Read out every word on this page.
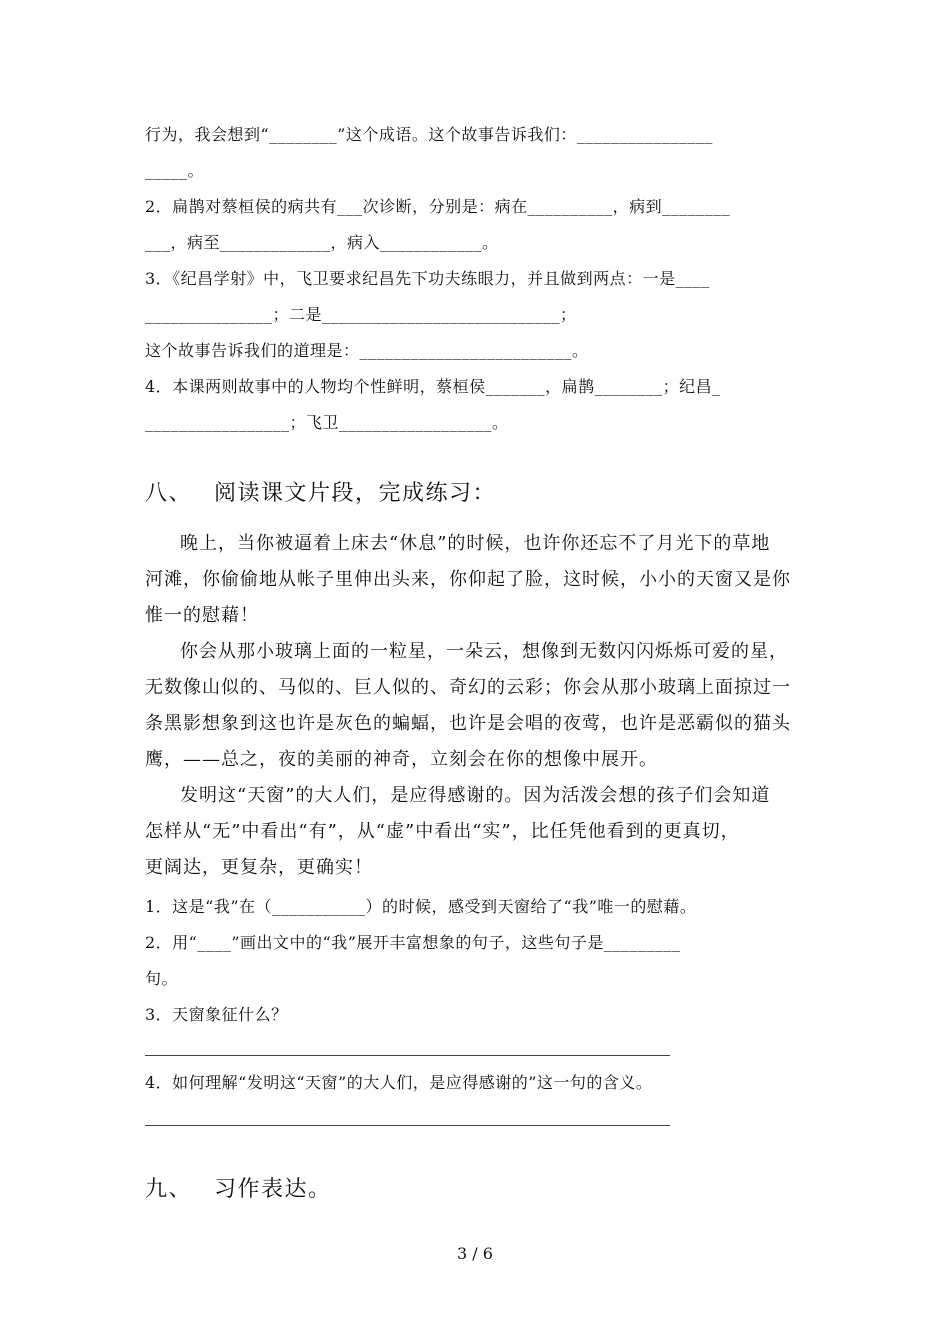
行为，我会想到“________”这个成语。这个故事告诉我们：________________
_____。
2．扁鹊对蔡桓侯的病共有___次诊断，分别是：病在__________，病到________
___，病至_____________，病入____________。
3．《纪昌学射》中，飞卫要求纪昌先下功夫练眼力，并且做到两点：一是____
_______________；二是____________________________；
这个故事告诉我们的道理是：_________________________。
4．本课两则故事中的人物均个性鲜明，蔡桓侯_______，扁鹊________；纪昌_
_________________；飞卫__________________。
八、 阅读课文片段，完成练习：
晚上，当你被逼着上床去“休息”的时候，也许你还忘不了月光下的草地
河滩，你偷偷地从帐子里伸出头来，你仰起了脸，这时候，小小的天窗又是你
惟一的慰藉！
你会从那小玻璃上面的一粒星，一朵云，想像到无数闪闪烁烁可爱的星，
无数像山似的、马似的、巨人似的、奇幻的云彩；你会从那小玻璃上面掠过一
条黑影想象到这也许是灰色的蝙蝠，也许是会唱的夜莺，也许是恶霸似的猫头
鹰，——总之，夜的美丽的神奇，立刻会在你的想像中展开。
发明这“天窗”的大人们，是应得感谢的。因为活泼会想的孩子们会知道
怎样从“无”中看出“有”，从“虚”中看出“实”，比任凭他看到的更真切，
更阔达，更复杂，更确实！
1．这是“我”在（___________）的时候，感受到天窗给了“我”唯一的慰藉。
2．用“____”画出文中的“我”展开丰富想象的句子，这些句子是_________
句。
3．天窗象征什么？
4．如何理解“发明这“天窗”的大人们，是应得感谢的”这一句的含义。
九、 习作表达。
3 / 6
